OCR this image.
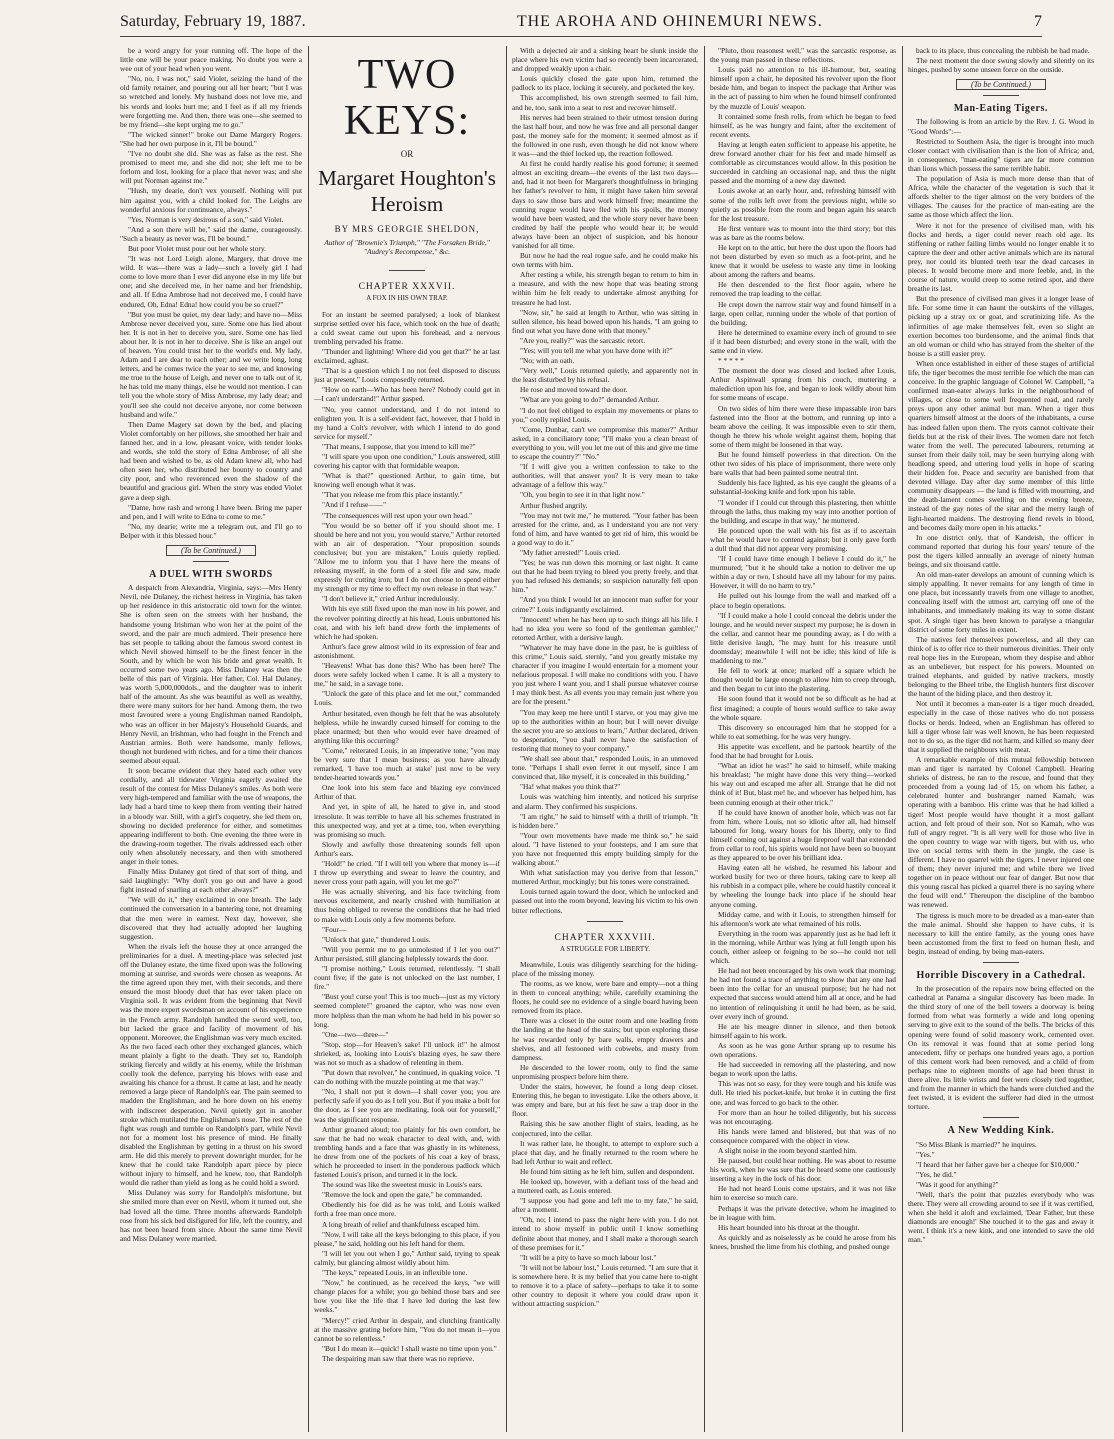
Saturday, February 19, 1887.	THE AROHA AND OHINEMURI NEWS.	7

be a word angry for your running off. The hope of the little one will be your peace making. No doubt you were a wee out of your head when you went.

"No, no, I was not," said Violet, seizing the hand of the old family retainer, and pouring out all her heart; "but I was so wretched and lonely. My husband does not love me, and his words and looks hurt me; and I feel as if all my friends were forgetting me. And then, there was one—she seemed to be my friend—she kept urging me to go."

"The wicked sinner!" broke out Dame Margery Rogers. "She had her own purpose in it, I'll be bound."

"I've no doubt she did. She was as false as the rest. She promised to meet me, and she did not; she left me to be forlorn and lost, looking for a place that never was; and she will put Norman against me."

"Hush, my dearie, don't vex yourself. Nothing will put him against you, with a child looked for. The Leighs are wonderful anxious for continuance, always."

"Yes, Norman is very desirous of a son," said Violet.

"And a son there will be," said the dame, courageously. "Such a beauty as never was, I'll be bound."

But poor Violet must pour out her whole story.

"It was not Lord Leigh alone, Margery, that drove me wild. It was—there was a lady—such a lovely girl I had come to love more than I ever did anyone else in my life but one; and she deceived me, in her name and her friendship, and all. If Edna Ambrose had not deceived me, I could have endured, Oh, Edna! Edna! how could you be so cruel?"

"But you must be quiet, my dear lady; and have no—Miss Ambrose never deceived you, sure. Some one has lied about her. It is not in her to deceive you, sure. Some one has lied about her. It is not in her to deceive. She is like an angel out of heaven. You could trust her to the world's end. My lady, Adam and I are dear to each other; and we write long, long letters, and he comes twice the year to see me, and knowing me true to the house of Leigh, and never one to talk out of it, he has told me many things, else he would not mention. I can tell you the whole story of Miss Ambrose, my lady dear; and you'll see she could not deceive anyone, nor come between husband and wife."

Then Dame Magery sat down by the bed, and placing Violet comfortably on her pillows, she smoothed her hair and fanned her, and in a low, pleasant voice, with tender looks and words, she told the story of Edna Ambrose; of all she had been and wished to be, as old Adam knew all, who had often seen her, who distributed her bounty to country and city poor, and who reverenced even the shadow of the beautiful and gracious girl. When the story was ended Violet gave a deep sigh.

"Dame, how rash and wrong I have been. Bring me paper and pen, and I will write to Edna to come to me."

"No, my dearie; write me a telegram out, and I'll go to Belper with it this blessed hour."

(To be Continued.)
A DUEL WITH SWORDS

A despatch from Alexandria, Virginia, says:—Mrs Henry Nevil, née Dulaney, the richest heiress in Virginia, has taken up her residence in this aristocratic old town for the winter. She is often seen on the streets with her husband, the handsome young Irishman who won her at the point of the sword, and the pair are much admired. Their presence here has set people to talking about the famous sword contest in which Nevil showed himself to be the finest fencer in the South, and by which he won his bride and great wealth. It occurred some two years ago. Miss Dulaney was then the belle of this part of Virginia. Her father, Col. Hal Dulaney, was worth 5,000,000dols., and the daughter was to inherit half of the amount. As she was beautiful as well as wealthy, there were many suitors for her hand. Among them, the two most favoured were a young Englishman named Randolph, who was an officer in her Majesty's Household Guards, and Henry Nevil, an Irishman, who had fought in the French and Austrian armies. Both were handsome, manly fellows, though not burdened with riches, and for a time their chances seemed about equal.

It soon became evident that they hated each other very cordially, and all tidewater Virginia eagerly awaited the result of the contest for Miss Dulaney's smiles. As both were very high-tempered and familiar with the use of weapons, the lady had a hard time to keep them from venting their hatred in a bloody war. Still, with a girl's coquetry, she led them on, showing no decided preference for either, and sometimes appearing indifferent to both. One evening the three were in the drawing-room together. The rivals addressed each other only when absolutely necessary, and then with smothered anger in their tones.

Finally Miss Dulaney got tired of that sort of thing, and said laughingly: "Why don't you go out and have a good fight instead of snarling at each other always?"

"We will do it," they exclaimed in one breath. The lady continued the conversation in a bantering tone, not dreaming that the men were in earnest. Next day, however, she discovered that they had actually adopted her laughing suggestion.

When the rivals left the house they at once arranged the preliminaries for a duel. A meeting-place was selected just off the Dulaney estate, the time fixed upon was the following morning at sunrise, and swords were chosen as weapons. At the time agreed upon they met, with their seconds, and there ensued the most bloody duel that has ever taken place on Virginia soil. It was evident from the beginning that Nevil was the more expert swordsman on account of his experience in the French army. Randolph handled the sword well, too, but lacked the grace and facility of movement of his opponent. Moreover, the Englishman was very much excited. As the two faced each other they exchanged glances, which meant plainly a fight to the death. They set to, Randolph striking fiercely and wildly at his enemy, while the Irishman coolly took the defence, parrying his blows with ease and awaiting his chance for a thrust. It came at last, and he neatly removed a large piece of Randolph's ear. The pain seemed to madden the Englishman, and he bore down on his enemy with indiscreet desperation. Nevil quietly got in another stroke which mutilated the Englishman's nose. The rest of the fight was rough and tumble on Randolph's part, while Nevil not for a moment lost his presence of mind. He finally disabled the Englishman by getting in a thrust on his sword arm. He did this merely to prevent downright murder, for he knew that he could take Randolph apart piece by piece without injury to himself, and he knew, too, that Randolph would die rather than yield as long as he could hold a sword.

Miss Dulaney was sorry for Randolph's misfortune, but she smiled more than ever on Nevil, whom it turned out, she had loved all the time. Three months afterwards Randolph rose from his sick bed disfigured for life, left the country, and has not been heard from since. About the same time Nevil and Miss Dulaney were married.

TWO KEYS:
OR
Margaret Houghton's Heroism
BY MRS GEORGIE SHELDON,
Author of "Brownie's Triumph," "The Forsaken Bride," "Audrey's Recompense," &c.
CHAPTER XXXVII.
A FOX IN HIS OWN TRAP.

For an instant he seemed paralysed; a look of blankest surprise settled over his face, which took on the hue of death; a cold sweat came out upon his forehead, and a nervous trembling pervaded his frame.

"Thunder and lightning! Where did you get that?" he at last exclaimed, aghast.

"That is a question which I no not feel disposed to discuss just at present," Louis composedly returned.

"How on earth—Who has been here? Nobody could get in—I can't understand!" Arthur gasped.

"No, you cannot understand, and I do not intend to enlighten you. It is a self-evident fact, however, that I hold in my hand a Colt's revolver, with which I intend to do good service for myself."

"That means, I suppose, that you intend to kill me?"

"I will spare you upon one condition," Louis answered, still covering his captor with that formidable weapon.

"What is that?" questioned Arthur, to gain time, but knowing well enough what it was.

"That you release me from this place instantly."

"And if I refuse——"

"The consequences will rest upon your own head."

"You would be so better off if you should shoot me. I should be here and not you, you would starve," Arthur retorted with an air of desperation. "Your proposition sounds conclusive; but you are mistaken," Louis quietly replied. "Allow me to inform you that I have here the means of releasing myself, in the form of a steel file and saw, made expressly for cutting iron; but I do not choose to spend either my strength or my time to effect my own release in that way."

"I don't believe it," cried Arthur incredulously.

With his eye still fixed upon the man now in his power, and the revolver pointing directly at his head, Louis unbuttoned his coat, and with his left hand drew forth the implements of which he had spoken.

Arthur's face grew almost wild in its expression of fear and astonishment.

"Heavens! What has done this? Who has been here? The doors were safely locked when I came. It is all a mystery to me," he said, in a savage tone.

"Unlock the gate of this place and let me out," commanded Louis.

Arthur hesitated, even though he felt that he was absolutely helpless, while he inwardly cursed himself for coming to the place unarmed; but then who would ever have dreamed of anything like this occurring?

"Come," reiterated Louis, in an imperative tone; "you may be very sure that I mean business; as you have already remarked, 'I have too much at stake' just now to be very tender-hearted towards you."

One look into his stern face and blazing eye convinced Arthur of that.

And yet, in spite of all, he hated to give in, and stood irresolute. It was terrible to have all his schemes frustrated in this unexpected way, and yet at a time, too, when everything was promising so much.

Slowly and awfully those threatening sounds fell upon Arthur's ears.

"Hold!" he cried. "If I will tell you where that money is—if I throw up everything and swear to leave the country, and never cross your path again, will you let me go?"

He was actually shivering, and his face twitching from nervous excitement, and nearly crushed with humiliation at thus being obliged to reverse the conditions that he had tried to make with Louis only a few moments before.

"Four—

"Unlock that gate," thundered Louis.

"Will you permit me to go unmolested if I let you out?" Arthur persisted, still glancing helplessly towards the door.

"I promise nothing," Louis returned, relentlessly. "I shall count five; if the gate is not unlocked on the last number, I fire."

"Bust you! curse you! This is too much—just as my victory seemed complete!" groaned the captor, who was now even more helpless than the man whom he had held in his power so long.

"One—two—three—"

"Stop, stop—for Heaven's sake! I'll unlock it!" he almost shrieked, as, looking into Louis's blazing eyes, he saw there was not so much as a shadow of relenting in them.

"Put down that revolver," he continued, in quaking voice. "I can do nothing with the muzzle pointing at me that way."

"No, I shall not put it down—I shall cover you; you are perfectly safe if you do as I tell you. But if you make a bolt for the door, as I see you are meditating, look out for yourself," was the significant response.

Arthur groaned aloud; too plainly for his own comfort, he saw that he had no weak character to deal with, and, with trembling hands and a face that was ghastly in its whiteness, he drew from one of the pockets of his coat a key of brass, which he proceeded to insert in the ponderous padlock which fastened Louis's prison, and turned it in the lock.

The sound was like the sweetest music in Louis's ears.

"Remove the lock and open the gate," he commanded.

Obediently his foe did as he was told, and Louis walked forth a free man once more.

A long breath of relief and thankfulness escaped him.

"Now, I will take all the keys belonging to this place, if you please," he said, holding out his left hand for them.

"I will let you out when I go," Arthur said, trying to speak calmly, but glancing almost wildly about him.

"The keys," repeated Louis, in an inflexible tone.

"Now," he continued, as he received the keys, "we will change places for a while; you go behind those bars and see how you like the life that I have led during the last few weeks."

"Mercy!" cried Arthur in despair, and clutching frantically at the massive grating before him, "You do not mean it—you cannot be so relentless."

"But I do mean it—quick! I shall waste no time upon you."

The despairing man saw that there was no reprieve.

With a dejected air and a sinking heart he slunk inside the place where his own victim had so recently been incarcerated, and dropped weakly upon a chair.

Louis quickly closed the gate upon him, returned the padlock to its place, locking it securely, and pocketed the key.

This accomplished, his own strength seemed to fail him, and he, too, sank into a seat to rest and recover himself.

His nerves had been strained to their utmost tension during the last half hour, and now he was free and all personal danger past, the money safe for the moment; it seemed almost as if the followed in one rush, even though he did not know where it was—and the thief locked up, the reaction followed.

At first he could hardly realise his good fortune; it seemed almost an exciting dream—the events of the last two days—and, had it not been for Margaret's thoughtfulness in bringing her father's revolver to him, it might have taken him several days to saw those bars and work himself free; meantime the cunning rogue would have fled with his spoils, the money would have been wasted, and the whole story never have been credited by half the people who would hear it; he would always have been an object of suspicion, and his honour vanished for all time.

But now he had the real rogue safe, and he could make his own terms with him.

After resting a while, his strength began to return to him in a measure, and with the new hope that was beating strong within him he felt ready to undertake almost anything for treasure he had lost.

"Now, sir," he said at length to Arthur, who was sitting in sullen silence, his head bowed upon his hands, "I am going to find out what you have done with that money."

"Are you, really?" was the sarcastic retort.

"Yes; will you tell me what you have done with it?"

"No; with an oath.

"Very well," Louis returned quietly, and apparently not in the least disturbed by his refusal.

He rose and moved toward the door.

"What are you going to do?" demanded Arthur.

"I do not feel obliged to explain my movements or plans to you," coolly replied Louis.

"Come, Dunbar, can't we compromise this matter?" Arthur asked, in a conciliatory tone; "I'll make you a clean breast of everything to you, will you let me out of this and give me time to escape the country?" "No."

"If I will give you a written confession to take to the authorities, will that answer you? It is very mean to take advantage of a fellow this way."

"Oh, you begin to see it in that light now."

Arthur flushed angrily.

"You may not twit me," he muttered. "Your father has been arrested for the crime, and, as I understand you are not very fond of him, and have wanted to get rid of him, this would be a good way to do it."

"My father arrested!" Louis cried.

"Yes; he was run down this morning or last night. It came out that he had been trying to bleed you pretty freely, and that you had refused his demands; so suspicion naturally fell upon him."

"And you think I would let an innocent man suffer for your crime?" Louis indignantly exclaimed.

"Innocent! when he has been up to such things all his life. I had no idea you were so fond of the gentleman gambler," retorted Arthur, with a derisive laugh.

"Whatever he may have done in the past, he is guiltless of this crime," Louis said, sternly, "and you greatly mistake my character if you imagine I would entertain for a moment your nefarious proposal. I will make no conditions with you. I have you just where I want you, and I shall pursue whatever course I may think best. As all events you may remain just where you are for the present."

"You may keep me here until I starve, or you may give me up to the authorities within an hour; but I will never divulge the secret you are so anxious to learn," Arthur declared, driven to desperation, "you shall never have the satisfaction of restoring that money to your company."

"We shall see about that," responded Louis, in an unmoved tone. "Perhaps I shall even ferret it out myself, since I am convinced that, like myself, it is concealed in this building."

"Ha! what makes you think that?"

Louis was watching him intently, and noticed his surprise and alarm. They confirmed his suspicions.

"I am right," he said to himself with a thrill of triumph. "It is hidden here."

"Your own movements have made me think so," he said aloud. "I have listened to your footsteps, and I am sure that you have not frequented this empty building simply for the walking about."

With what satisfaction may you derive from that lesson," muttered Arthur, mockingly; but his tones were constrained.

Louis turned again toward the door, which he unlocked and passed out into the room beyond, leaving his victim to his own bitter reflections.

CHAPTER XXXVIII.
A STRUGGLE FOR LIBERTY.

Meanwhile, Louis was diligently searching for the hiding-place of the missing money.

The rooms, as we know, were bare and empty—not a thing in them to conceal anything; while, carefully examining the floors, he could see no evidence of a single board having been removed from its place.

There was a closet in the outer room and one leading from the landing at the head of the stairs; but upon exploring these he was rewarded only by bare walls, empty drawers and shelves, and all festooned with cobwebs, and musty from dampness.

He descended to the lower room, only to find the same unpromising prospect before him there.

Under the stairs, however, he found a long deep closet. Entering this, he began to investigate. Like the others above, it was empty and bare, but at his feet he saw a trap door in the floor.

Raising this he saw another flight of stairs, leading, as he conjectured, into the cellar.

It was rather late, he thought, to attempt to explore such a place that day, and he finally returned to the room where he had left Arthur to wait and reflect.

He found him sitting as he left him, sullen and despondent.

He looked up, however, with a defiant toss of the head and a muttered oath, as Louis entered.

"I suppose you had gone and left me to my fate," he said, after a moment.

"Oh, no; I intend to pass the night here with you. I do not intend to show myself in public until I know something definite about that money, and I shall make a thorough search of these premises for it."

"It will be a pity to have so much labour lost."

"It will not be labour lost," Louis returned. "I am sure that it is somewhere here. It is my belief that you came here to-night to remove it to a place of safety—perhaps to take it to some other country to deposit it where you could draw upon it without attracting suspicion."

"Pluto, thou reasonest well," was the sarcastic response, as the young man passed in these reflections.

Louis paid no attention to his ill-humour, but, seating himself upon a chair, he deposited his revolver upon the floor beside him, and began to inspect the package that Arthur was in the act of passing to him when he found himself confronted by the muzzle of Louis' weapon.

It contained some fresh rolls, from which he began to feed himself, as he was hungry and faint, after the excitement of recent events.

Having at length eaten sufficient to appease his appetite, he drew forward another chair for his feet and made himself as comfortable as circumstances would allow. In this position he succeeded in catching an occasional nap, and thus the night passed and the morning of a new day dawned.

Louis awoke at an early hour, and, refreshing himself with some of the rolls left over from the previous night, while so quietly as possible from the room and began again his search for the lost treasure.

He first venture was to mount into the third story; but this was as bare as the rooms below.

He kept on to the attic, but here the dust upon the floors had not been disturbed by even so much as a foot-print, and he knew that it would be useless to waste any time in looking about among the rafters and beams.

He then descended to the first floor again, where he removed the trap leading to the cellar.

He crept down the narrow stair way and found himself in a large, open cellar, running under the whole of that portion of the building.

Here he determined to examine every inch of ground to see if it had been disturbed; and every stone in the wall, with the same end in view.

* * * * *

The moment the door was closed and locked after Louis, Arthur Aspinwall sprang from his couch, muttering a malediction upon his foe, and began to look wildly about him for some means of escape.

On two sides of him there were these impassable iron bars fastened into the floor at the bottom, and running up into a beam above the ceiling. It was impossible even to stir them, though he threw his whole weight against them, hoping that some of them might be loosened in that way.

But he found himself powerless in that direction. On the other two sides of his place of imprisonment, there were only bare walls that had been painted some neutral tint.

Suddenly his face lighted, as his eye caught the gleams of a substantial-looking knife and fork upon his table.

"I wonder if I could cut through this plastering, then whittle through the laths, thus making my way into another portion of the building, and escape in that way," he muttered.

He pounced upon the wall with his fist as if to ascertain what he would have to contend against; but it only gave forth a dull thud that did not appear very promising.

"If I could have time enough I believe I could do it," he murmured; "but it he should take a notion to deliver me up within a day or two, I should have all my labour for my pains. However, it will do no harm to try."

He pulled out his lounge from the wall and marked off a place to begin operations.

"If I could make a hole I could conceal the debris under the lounge, and he would never suspect my purpose; he is down in the cellar, and cannot hear me pounding away, as I do with a little derisive laugh, "he may hunt for his treasure until doomsday; meanwhile I will not be idle; this kind of life is maddening to me."

He fell to work at once; marked off a square which he thought would be large enough to allow him to creep through, and then began to cut into the plastering.

He soon found that it would not be so difficult as he had at first imagined; a couple of hours would suffice to take away the whole square.

This discovery so encouraged him that he stopped for a while to eat something, for he was very hungry.

His appetite was excellent, and he partook heartily of the food that he had brought for Louis.

"What an idiot he was!" he said to himself, while making his breakfast; "he might have done this very thing—worked his way out and escaped me after all. Strange that he did not think of it! But, blast me! he, and whoever has helped him, has been cunning enough at their other trick."

If he could have known of another hole, which was not far from him, where Louis, not so idiotic after all, had himself laboured for long, weary hours for his liberty, only to find himself coming out against a huge fireproof wall that extended from cellar to roof, his spirits would not have been so buoyant as they appeared to be over his brilliant idea.

Having eaten all he wished, he resumed his labour and worked busily for two or three hours, taking care to keep all his rubbish in a compact pile, where he could hastily conceal it by wheeling the lounge back into place if he should hear anyone coming.

Midday came, and with it Louis, to strengthen himself for his afternoon's work ate what remained of his rolls.

Everything in the room was apparently just as he had left it in the morning, while Arthur was lying at full length upon his couch, either asleep or feigning to be so—he could not tell which.

He had not been encouraged by his own work that morning; he had not found a trace of anything to show that any one had been into the cellar for an unusual purpose; but he had not expected that success would attend him all at once, and he had no intention of relinquishing it until he had been, as he said, over every inch of ground.

He ate his meagre dinner in silence, and then betook himself again to his work.

As soon as he was gone Arthur sprang up to resume his own operations.

He had succeeded in removing all the plastering, and now began to work upon the laths.

This was not so easy, for they were tough and his knife was dull. He tried his pocket-knife, but broke it in cutting the first one, and was forced to go back to the other.

For more than an hour he toiled diligently, but his success was not encouraging.

His hands were lamed and blistered, but that was of no consequence compared with the object in view.

A slight noise in the room beyond startled him.

He paused, but could hear nothing. He was about to resume his work, when he was sure that he heard some one cautiously inserting a key in the lock of his door.

He had not heard Louis come upstairs, and it was not like him to exercise so much care.

Perhaps it was the private detective, whom he imagined to be in league with him.

His heart bounded into his throat at the thought.

As quickly and as noiselessly as he could he arose from his knees, brushed the lime from his clothing, and pushed ounge

back to its place, thus concealing the rubbish he had made.

The next moment the door swung slowly and silently on its hinges, pushed by some unseen force on the outside.

(To be Continued.)
Man-Eating Tigers.

The following is from an article by the Rev. J. G. Wood in "Good Words":—

Restricted to Southern Asia, the tiger is brought into much closer contact with civilisation than is the lion of Africa; and, in consequence, "man-eating" tigers are far more common than lions which possess the same terrible habit.

The population of Asia is much more dense than that of Africa, while the character of the vegetation is such that it affords shelter to the tiger almost on the very borders of the villages. The causes for the practice of man-eating are the same as those which affect the lion.

Were it not for the presence of civilised man, with his flocks and herds, a tiger could never reach old age. Its stiffening or rather failing limbs would no longer enable it to capture the deer and other active animals which are its natural prey, nor could its blunted teeth tear the dead carcases in pieces. It would become more and more feeble, and, in the course of nature, would creep to some retired spot, and there breathe its last.

But the presence of civilised man gives it a longer lease of life. For some time it can haunt the outskirts of the villages, picking up a stray ox or goat, and scrutinizing life. As the infirmities of age make themselves felt, even so slight an exertion becomes too burdensome, and the animal finds that an old woman or child who has strayed from the shelter of the house is a still easier prey.

When once established in either of these stages of artificial life, the tiger becomes the most terrible foe which the man can conceive. In the graphic language of Colonel W. Campbell, "a confirmed man-eater always lurks in the neighbourhood of villages, or close to some well frequented road, and rarely preys upon any other animal but man. When a tiger thus quarters himself almost at the doors of the inhabitants, a curse has indeed fallen upon them. The ryots cannot cultivate their fields but at the risk of their lives. The women dare not fetch water from the well. The perecuted labourers, returning at sunset from their daily toil, may be seen hurrying along with headlong speed, and uttering loud yells in hope of scaring their hidden foe. Peace and security are banished from that devoted village. Day after day some member of this little community disappears — the land is filled with mourning, and the death-lament comes swelling on the evening breeze, instead of the gay notes of the sitar and the merry laugh of light-hearted maidens. The destroying fiend revels in blood, and becomes daily more open in his attacks."

In one district only, that of Kandeish, the officer in command reported that during his four years' tenure of the post the tigers killed annually an average of ninety human beings, and six thousand cattle.

An old man-eater develops an amount of cunning which is simply appalling. It never remains for any length of time in one place, but incessantly travels from one village to another, concealing itself with the utmost art, carrying off one of the inhabitants, and immediately making its way to some distant spot. A single tiger has been known to paralyse a triangular district of some forty miles in extent.

The natives feel themselves powerless, and all they can think of is to offer rice to their numerous divinities. Their only real hope lies in the European, whom they despise and abhor as an unbeliever, but respect for his powers. Mounted on trained elephants, and guided by native trackers, mostly belonging to the Bheel tribe, the English hunters first discover the haunt of the hiding place, and then destroy it.

Not until it becomes a man-eater is a tiger much dreaded, especially in the case of those natives who do not possess flocks or herds. Indeed, when an Englishman has offered to kill a tiger whose lair was well known, he has been requested not to do so, as the tiger did not harm, and killed so many deer that it supplied the neighbours with meat.

A remarkable example of this mutual fellowship between man and tiger is narrated by Colonel Campbell. Hearing shrieks of distress, he ran to the rescue, and found that they proceeded from a young lad of 15, on whom his father, a celebrated hunter and bushranger named Kamah, was operating with a bamboo. His crime was that he had killed a tiger! Most people would have thought it a most gallant action, and felt proud of their son. Not so Kamah, who was full of angry regret. "It is all very well for those who live in the open country to wage war with tigers, but with us, who live on social terms with them in the jungle, the case is different. I have no quarrel with the tigers. I never injured one of them; they never injured me; and while there we lived together on in peace without our fear of danger. But now that this young rascal has picked a quarrel there is no saying where the feud will end." Thereupon the discipline of the bamboo was renewed.

The tigress is much more to be dreaded as a man-eater than the male animal. Should she happen to have cubs, it is necessary to kill the entire family, as the young ones have been accustomed from the first to feed on human flesh, and begin, instead of ending, by being man-eaters.

Horrible Discovery in a Cathedral.

In the prosecution of the repairs now being effected on the cathedral at Panama a singular discovery has been made. In the third story of one of the bell towers a doorway is being formed from what was formerly a wide and long opening serving to give exit to the sound of the bells. The bricks of this opening were found of solid masonry work, cemented over. On its removal it was found that at some period long antecedent, fifty or perhaps one hundred years ago, a portion of this cement work had been removed, and a child of from perhaps nine to eighteen months of age had been thrust in there alive. Its little wrists and feet were closely tied together, and from the manner in which the hands were clutched and the feet twisted, it is evident the sufferer had died in the utmost torture.

A New Wedding Kink.

"So Miss Blank is married?" he inquires.

"Yes."

"I heard that her father gave her a cheque for $10,000."

"Yes, he did."

"Was it good for anything?"

"Well, that's the point that puzzles everybody who was there. They were all crowding around to see if it was certified, when she held it aloft and exclaimed, 'Dear Father, but these diamonds are enough!' She touched it to the gas and away it went. I think it's a new kink, and one intended to save the old man."
